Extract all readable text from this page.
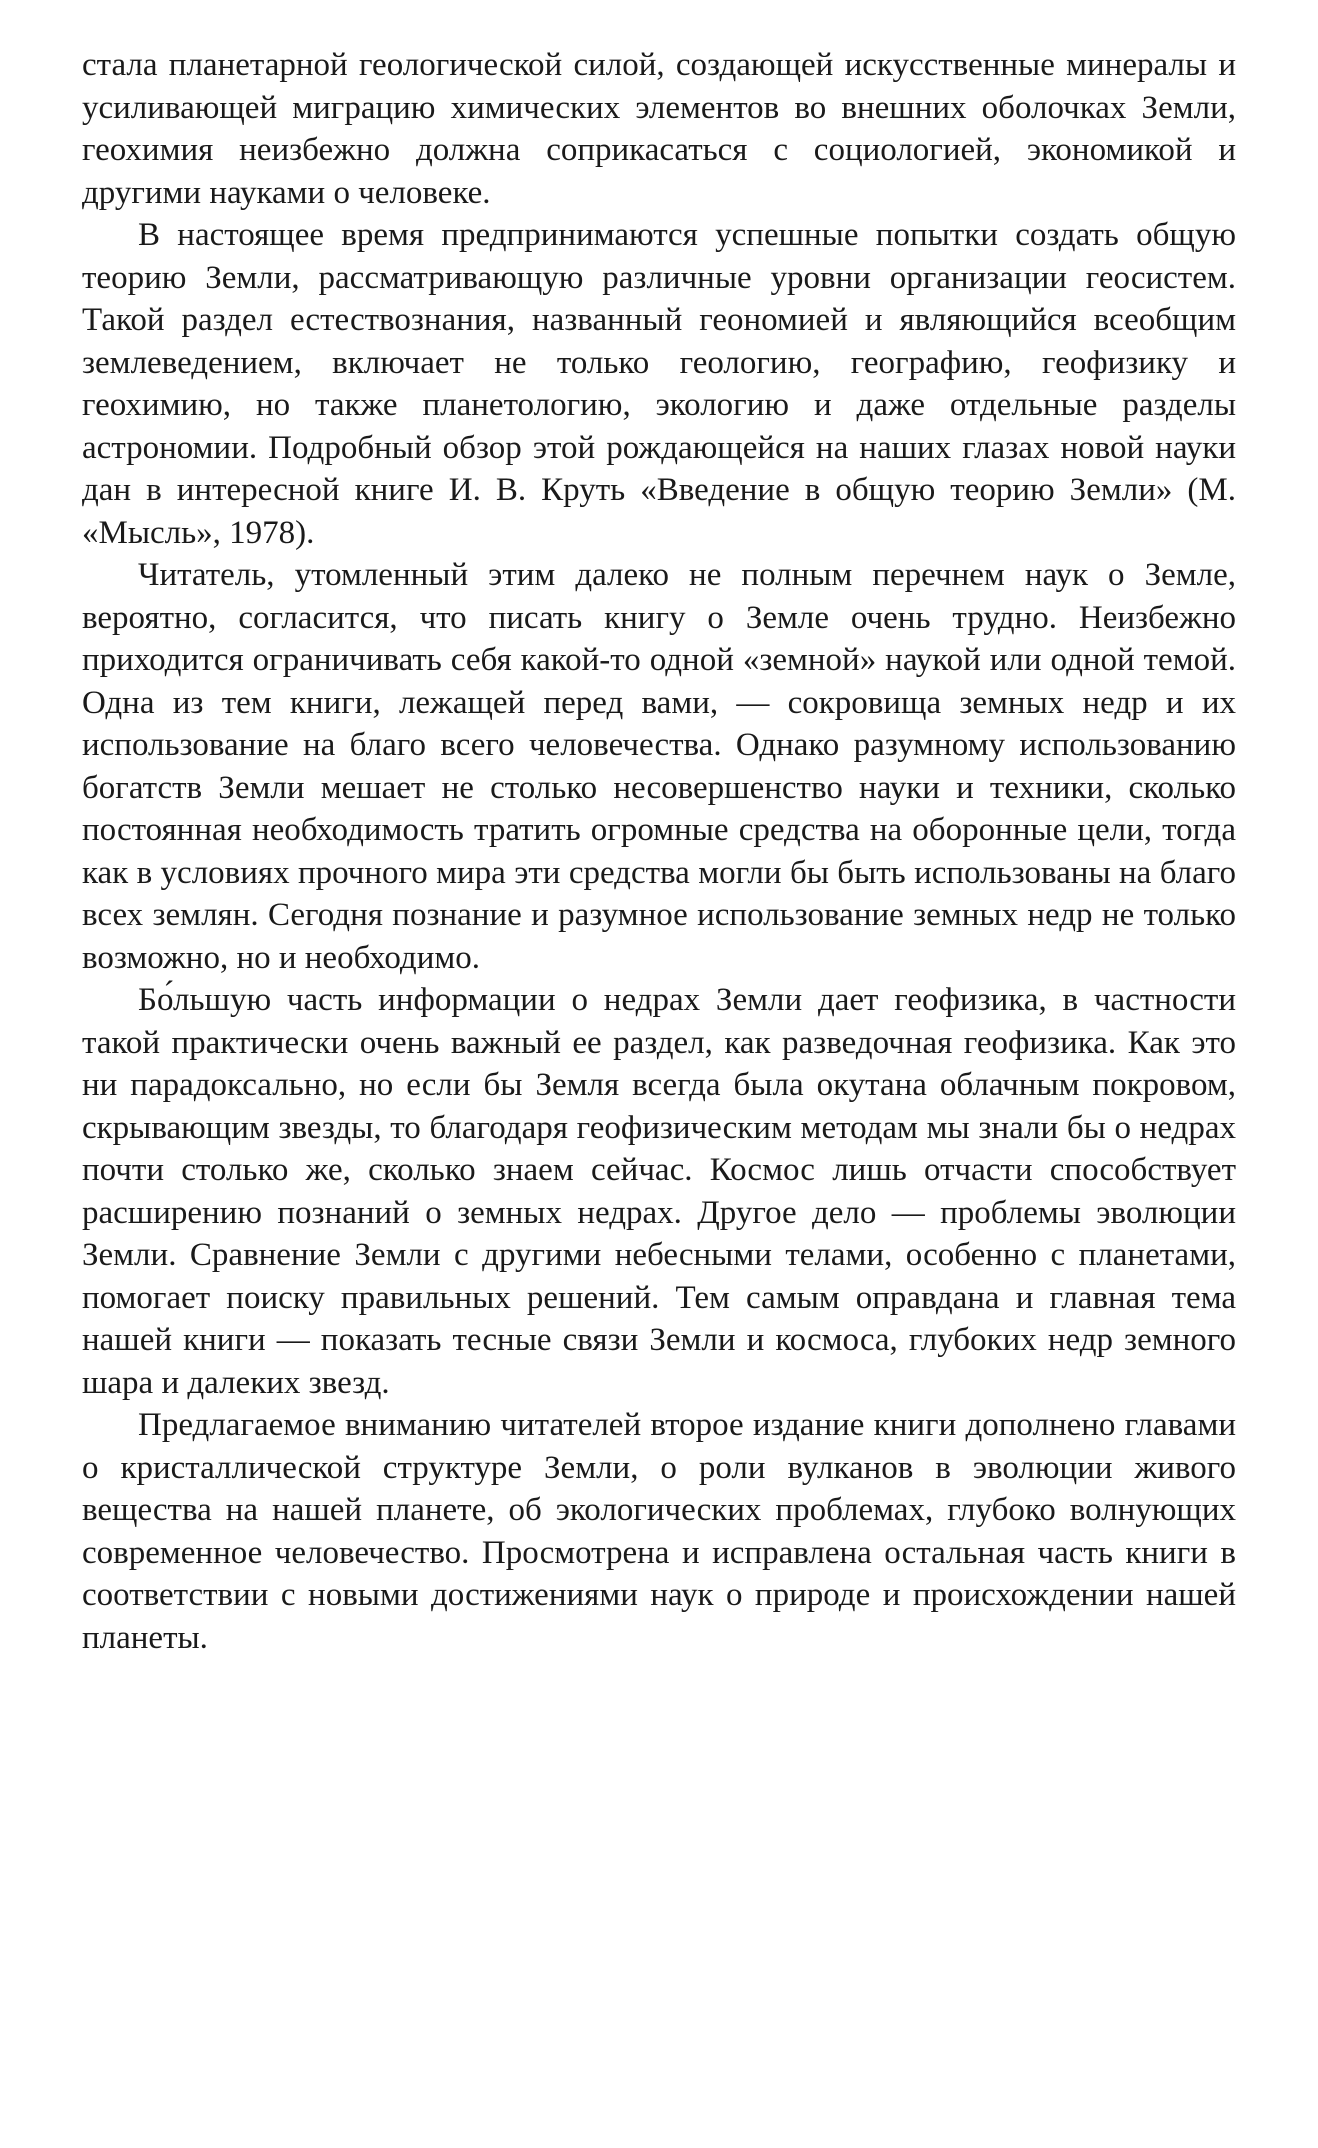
стала планетарной геологической силой, создающей искусственные минералы и усиливающей миграцию химических элементов во внешних оболочках Земли, геохимия неизбежно должна соприкасаться с социологией, экономикой и другими науками о человеке.

В настоящее время предпринимаются успешные попытки создать общую теорию Земли, рассматривающую различные уровни организации геосистем. Такой раздел естествознания, названный геономией и являющийся всеобщим землеведением, включает не только геологию, географию, геофизику и геохимию, но также планетологию, экологию и даже отдельные разделы астрономии. Подробный обзор этой рождающейся на наших глазах новой науки дан в интересной книге И. В. Круть «Введение в общую теорию Земли» (М. «Мысль», 1978).

Читатель, утомленный этим далеко не полным перечнем наук о Земле, вероятно, согласится, что писать книгу о Земле очень трудно. Неизбежно приходится ограничивать себя какой-то одной «земной» наукой или одной темой. Одна из тем книги, лежащей перед вами, — сокровища земных недр и их использование на благо всего человечества. Однако разумному использованию богатств Земли мешает не столько несовершенство науки и техники, сколько постоянная необходимость тратить огромные средства на оборонные цели, тогда как в условиях прочного мира эти средства могли бы быть использованы на благо всех землян. Сегодня познание и разумное использование земных недр не только возможно, но и необходимо.

Бо́льшую часть информации о недрах Земли дает геофизика, в частности такой практически очень важный ее раздел, как разведочная геофизика. Как это ни парадоксально, но если бы Земля всегда была окутана облачным покровом, скрывающим звезды, то благодаря геофизическим методам мы знали бы о недрах почти столько же, сколько знаем сейчас. Космос лишь отчасти способствует расширению познаний о земных недрах. Другое дело — проблемы эволюции Земли. Сравнение Земли с другими небесными телами, особенно с планетами, помогает поиску правильных решений. Тем самым оправдана и главная тема нашей книги — показать тесные связи Земли и космоса, глубоких недр земного шара и далеких звезд.

Предлагаемое вниманию читателей второе издание книги дополнено главами о кристаллической структуре Земли, о роли вулканов в эволюции живого вещества на нашей планете, об экологических проблемах, глубоко волнующих современное человечество. Просмотрена и исправлена остальная часть книги в соответствии с новыми достижениями наук о природе и происхождении нашей планеты.
